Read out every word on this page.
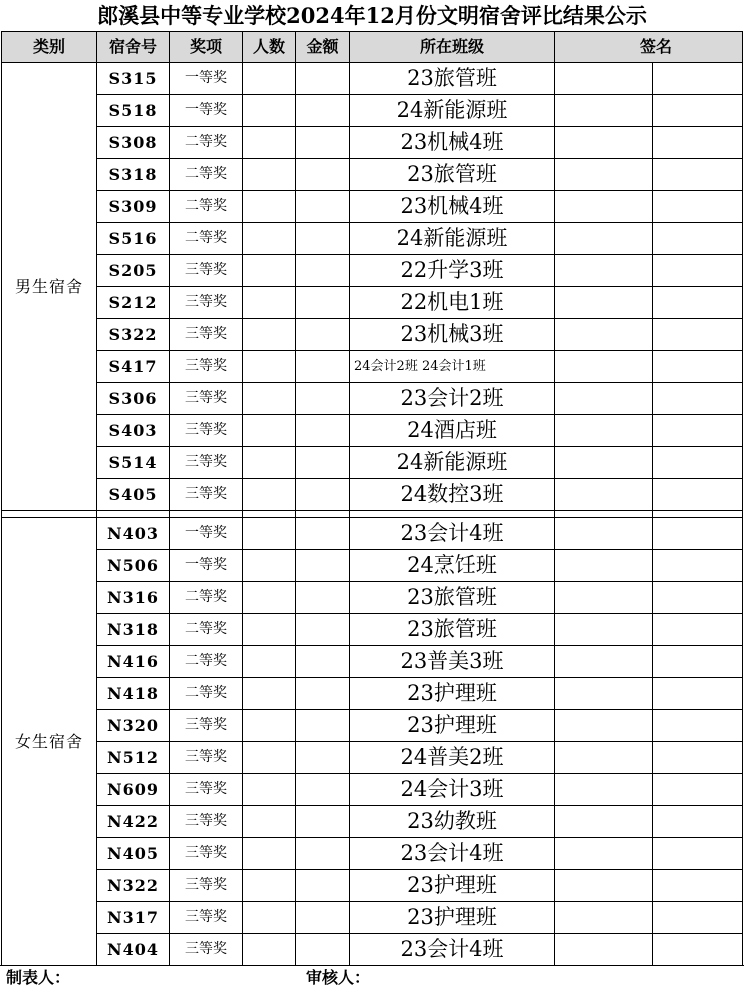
郎溪县中等专业学校2024年12月份文明宿舍评比结果公示
类别	宿舍号	奖项	人数	金额	所在班级	签名	
男生宿舍	S315	一等奖			23旅管班		
	S518	一等奖			24新能源班		
	S308	二等奖			23机械4班		
	S318	二等奖			23旅管班		
	S309	二等奖			23机械4班		
	S516	二等奖			24新能源班		
	S205	三等奖			22升学3班		
	S212	三等奖			22机电1班		
	S322	三等奖			23机械3班		
	S417	三等奖			24会计2班 24会计1班		
	S306	三等奖			23会计2班		
	S403	三等奖			24酒店班		
	S514	三等奖			24新能源班		
	S405	三等奖			24数控3班		

女生宿舍	N403	一等奖			23会计4班		
	N506	一等奖			24烹饪班		
	N316	二等奖			23旅管班		
	N318	二等奖			23旅管班		
	N416	二等奖			23普美3班		
	N418	二等奖			23护理班		
	N320	三等奖			23护理班		
	N512	三等奖			24普美2班		
	N609	三等奖			24会计3班		
	N422	三等奖			23幼教班		
	N405	三等奖			23会计4班		
	N322	三等奖			23护理班		
	N317	三等奖			23护理班		
	N404	三等奖			23会计4班		
制表人：	审核人：
